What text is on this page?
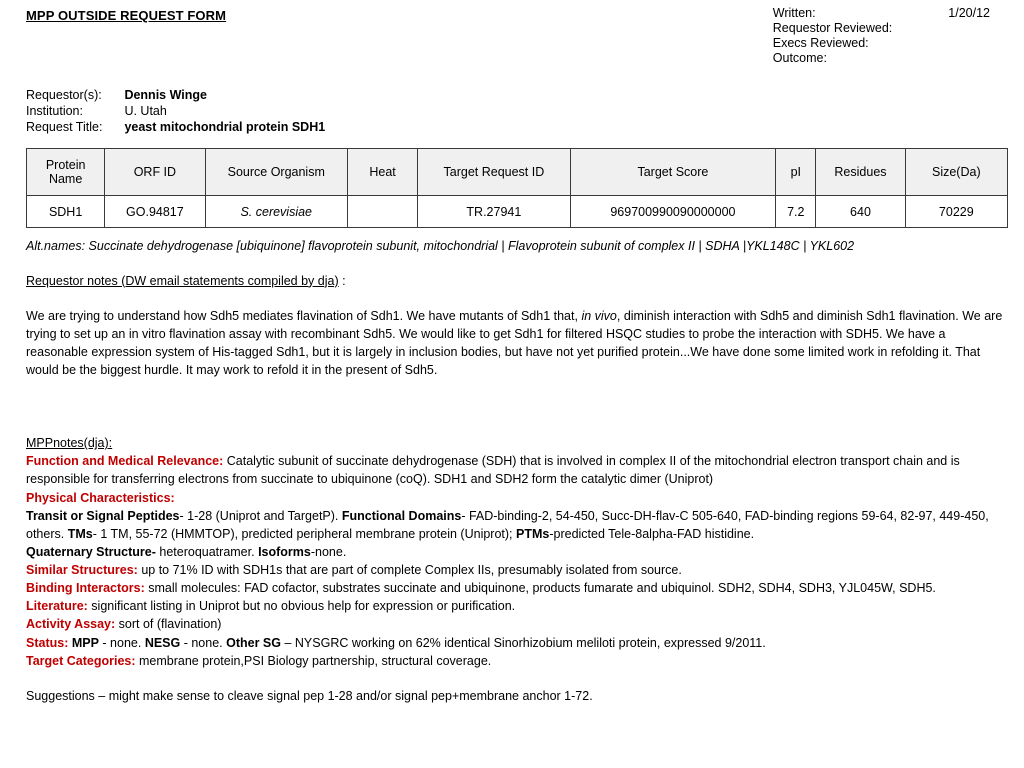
MPP OUTSIDE REQUEST FORM	Written:	1/20/12
Requestor Reviewed:	
Execs Reviewed:	
Outcome:	
Requestor(s):	Dennis Winge
Institution:	U. Utah
Request Title:	yeast mitochondrial protein SDH1
Protein
Name	ORF ID	Source Organism	Heat	Target Request ID	Target Score	pI	Residues	Size(Da)
SDH1	GO.94817	S. cerevisiae		TR.27941	969700990090000000	7.2	640	70229
Alt.names: Succinate dehydrogenase [ubiquinone] flavoprotein subunit, mitochondrial | Flavoprotein subunit of complex II | SDHA |YKL148C | YKL602
Requestor notes (DW email statements compiled by dja) :
We are trying to understand how Sdh5 mediates flavination of Sdh1. We have mutants of Sdh1 that, in vivo, diminish interaction with Sdh5 and diminish Sdh1 flavination. We are trying to set up an in vitro flavination assay with recombinant Sdh5. We would like to get Sdh1 for filtered HSQC studies to probe the interaction with SDH5. We have a reasonable expression system of His-tagged Sdh1, but it is largely in inclusion bodies, but have not yet purified protein...We have done some limited work in refolding it. That would be the biggest hurdle. It may work to refold it in the present of Sdh5.

MPPnotes(dja):

Function and Medical Relevance: Catalytic subunit of succinate dehydrogenase (SDH) that is involved in complex II of the mitochondrial electron transport chain and is responsible for transferring electrons from succinate to ubiquinone (coQ). SDH1 and SDH2 form the catalytic dimer (Uniprot)

Physical Characteristics:

Transit or Signal Peptides- 1-28 (Uniprot and TargetP). Functional Domains- FAD-binding-2, 54-450, Succ-DH-flav-C 505-640, FAD-binding regions 59-64, 82-97, 449-450, others. TMs- 1 TM, 55-72 (HMMTOP), predicted peripheral membrane protein (Uniprot); PTMs-predicted Tele-8alpha-FAD histidine.

Quaternary Structure- heteroquatramer. Isoforms-none.

Similar Structures: up to 71% ID with SDH1s that are part of complete Complex IIs, presumably isolated from source.

Binding Interactors: small molecules: FAD cofactor, substrates succinate and ubiquinone, products fumarate and ubiquinol. SDH2, SDH4, SDH3, YJL045W, SDH5.

Literature: significant listing in Uniprot but no obvious help for expression or purification.

Activity Assay: sort of (flavination)

Status: MPP - none. NESG - none. Other SG – NYSGRC working on 62% identical Sinorhizobium meliloti protein, expressed 9/2011.

Target Categories: membrane protein,PSI Biology partnership, structural coverage.

Suggestions – might make sense to cleave signal pep 1-28 and/or signal pep+membrane anchor 1-72.
